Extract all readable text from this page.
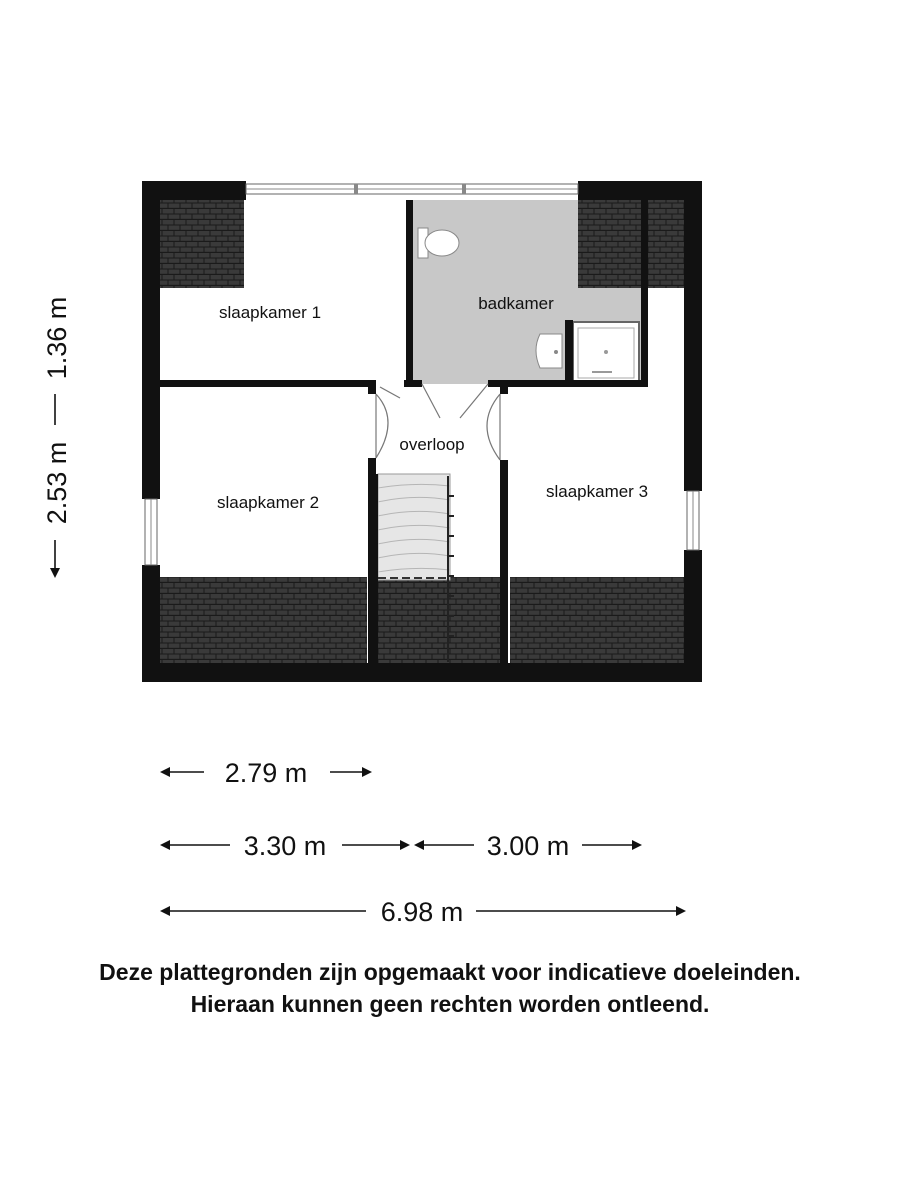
slaapkamer 1	badkamer
overloop
slaapkamer 2
slaapkamer 3
1.36 m
2.53 m
2.79 m
3.30 m	3.00 m
6.98 m
Deze plattegronden zijn opgemaakt voor indicatieve doeleinden.
Hieraan kunnen geen rechten worden ontleend.
